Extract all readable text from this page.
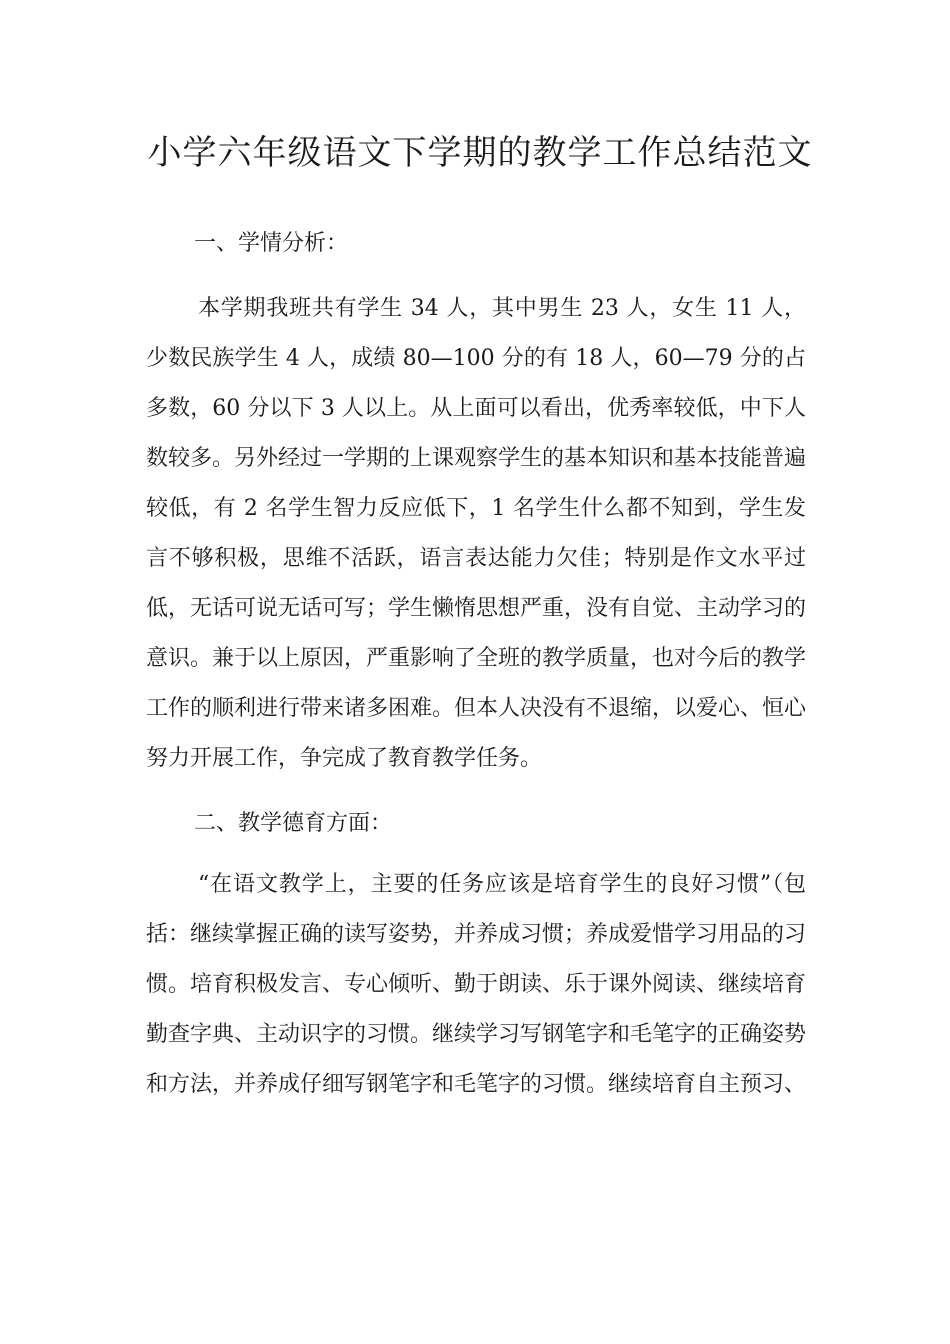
小学六年级语文下学期的教学工作总结范文

一、学情分析：

本学期我班共有学生 34 人，其中男生 23 人，女生 11 人，少数民族学生 4 人，成绩 80—100 分的有 18 人，60—79 分的占多数，60 分以下 3 人以上。从上面可以看出，优秀率较低，中下人数较多。另外经过一学期的上课观察学生的基本知识和基本技能普遍较低，有 2 名学生智力反应低下，1 名学生什么都不知到，学生发言不够积极，思维不活跃，语言表达能力欠佳；特别是作文水平过低，无话可说无话可写；学生懒惰思想严重，没有自觉、主动学习的意识。兼于以上原因，严重影响了全班的教学质量，也对今后的教学工作的顺利进行带来诸多困难。但本人决没有不退缩，以爱心、恒心努力开展工作，争完成了教育教学任务。

二、教学德育方面：

“在语文教学上，主要的任务应该是培育学生的良好习惯”（包括：继续掌握正确的读写姿势，并养成习惯；养成爱惜学习用品的习惯。培育积极发言、专心倾听、勤于朗读、乐于课外阅读、继续培育勤查字典、主动识字的习惯。继续学习写钢笔字和毛笔字的正确姿势和方法，并养成仔细写钢笔字和毛笔字的习惯。继续培育自主预习、
